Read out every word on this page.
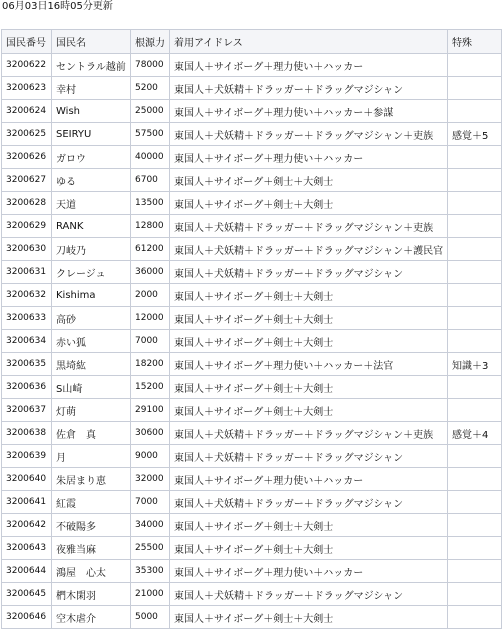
06月03日16時05分更新
国民番号	国民名	根源力	着用アイドレス	特殊
3200622	セントラル越前	78000	東国人＋サイボーグ＋理力使い＋ハッカー	
3200623	幸村	5200	東国人＋犬妖精＋ドラッガー＋ドラッグマジシャン	
3200624	Wish	25000	東国人＋サイボーグ＋理力使い＋ハッカー＋参謀	
3200625	SEIRYU	57500	東国人＋犬妖精＋ドラッガー＋ドラッグマジシャン＋吏族	感覚＋5
3200626	ガロウ	40000	東国人＋サイボーグ＋理力使い＋ハッカー	
3200627	ゆる	6700	東国人＋サイボーグ＋剣士＋大剣士	
3200628	天道	13500	東国人＋サイボーグ＋剣士＋大剣士	
3200629	RANK	12800	東国人＋犬妖精＋ドラッガー＋ドラッグマジシャン＋吏族	
3200630	刀岐乃	61200	東国人＋犬妖精＋ドラッガー＋ドラッグマジシャン＋護民官	
3200631	クレージュ	36000	東国人＋犬妖精＋ドラッガー＋ドラッグマジシャン	
3200632	Kishima	2000	東国人＋サイボーグ＋剣士＋大剣士	
3200633	高砂	12000	東国人＋サイボーグ＋剣士＋大剣士	
3200634	赤い狐	7000	東国人＋サイボーグ＋剣士＋大剣士	
3200635	黒埼紘	18200	東国人＋サイボーグ＋理力使い＋ハッカー＋法官	知識＋3
3200636	S山崎	15200	東国人＋サイボーグ＋剣士＋大剣士	
3200637	灯萌	29100	東国人＋サイボーグ＋剣士＋大剣士	
3200638	佐倉　真	30600	東国人＋犬妖精＋ドラッガー＋ドラッグマジシャン＋吏族	感覚＋4
3200639	月	9000	東国人＋犬妖精＋ドラッガー＋ドラッグマジシャン	
3200640	朱居まり恵	32000	東国人＋サイボーグ＋理力使い＋ハッカー	
3200641	紅霞	7000	東国人＋犬妖精＋ドラッガー＋ドラッグマジシャン	
3200642	不破陽多	34000	東国人＋サイボーグ＋剣士＋大剣士	
3200643	夜雅当麻	25500	東国人＋サイボーグ＋剣士＋大剣士	
3200644	鴻屋　心太	35300	東国人＋サイボーグ＋理力使い＋ハッカー	
3200645	椚木閑羽	21000	東国人＋犬妖精＋ドラッガー＋ドラッグマジシャン	
3200646	空木虐介	5000	東国人＋サイボーグ＋剣士＋大剣士	
